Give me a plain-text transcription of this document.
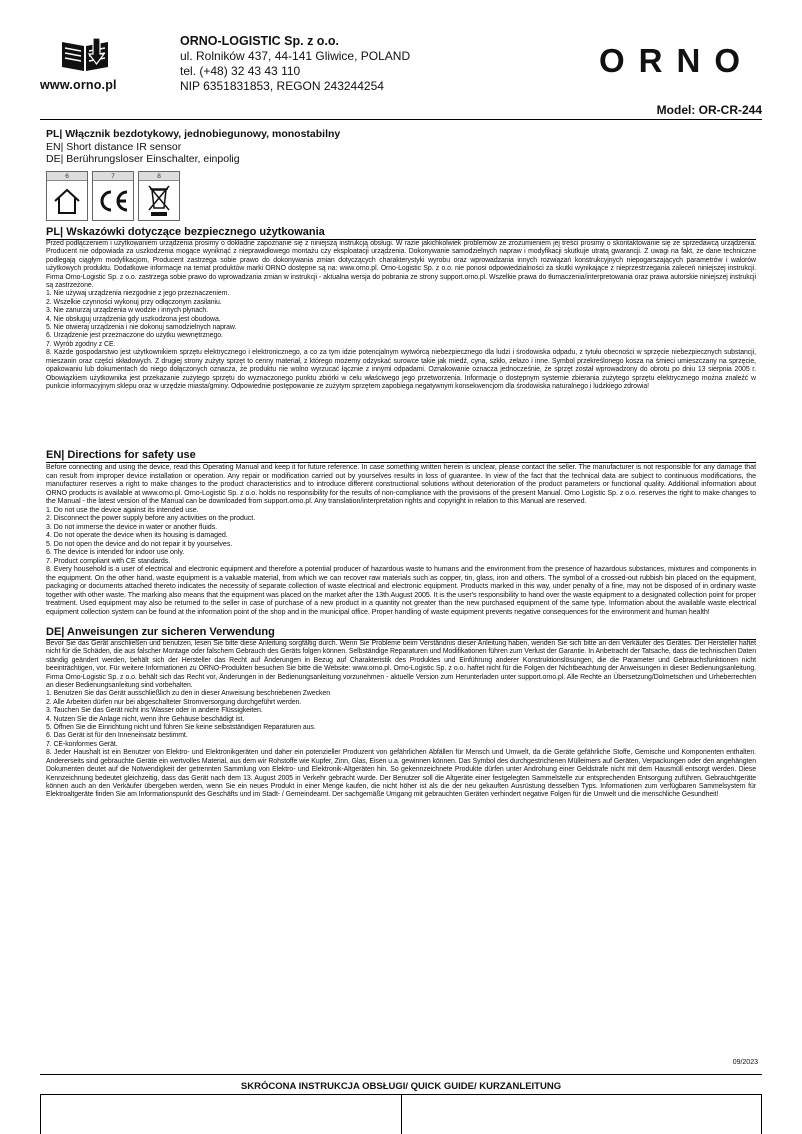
www.orno.pl
ORNO-LOGISTIC Sp. z o.o.
ul. Rolników 437, 44-141 Gliwice, POLAND
tel. (+48) 32 43 43 110
NIP 6351831853, REGON 243244254
ORNO
Model: OR-CR-244
PL| Włącznik bezdotykowy, jednobiegunowy, monostabilny
EN| Short distance IR sensor
DE| Berührungsloser Einschalter, einpolig
6	7	8
PL| Wskazówki dotyczące bezpiecznego użytkowania

Przed podłączeniem i użytkowaniem urządzenia prosimy o dokładne zapoznanie się z niniejszą instrukcją obsługi. W razie jakichkolwiek problemów ze zrozumieniem jej treści prosimy o skontaktowanie się ze sprzedawcą urządzenia. Producent nie odpowiada za uszkodzenia mogące wyniknąć z nieprawidłowego montażu czy eksploatacji urządzenia. Dokonywanie samodzielnych napraw i modyfikacji skutkuje utratą gwarancji. Z uwagi na fakt, że dane techniczne podlegają ciągłym modyfikacjom, Producent zastrzega sobie prawo do dokonywania zmian dotyczących charakterystyki wyrobu oraz wprowadzania innych rozwiązań konstrukcyjnych niepogarszających parametrów i walorów użytkowych produktu. Dodatkowe informacje na temat produktów marki ORNO dostępne są na: www.orno.pl. Orno-Logistic Sp. z o.o. nie ponosi odpowiedzialności za skutki wynikające z nieprzestrzegania zaleceń niniejszej instrukcji. Firma Orno-Logistic Sp. z o.o. zastrzega sobie prawo do wprowadzania zmian w instrukcji - aktualna wersja do pobrania ze strony support.orno.pl. Wszelkie prawa do tłumaczenia/interpretowania oraz prawa autorskie niniejszej instrukcji są zastrzeżone.

1. Nie używaj urządzenia niezgodnie z jego przeznaczeniem.

2. Wszelkie czynności wykonuj przy odłączonym zasilaniu.

3. Nie zanurzaj urządzenia w wodzie i innych płynach.

4. Nie obsługuj urządzenia gdy uszkodzona jest obudowa.

5. Nie otwieraj urządzenia i nie dokonuj samodzielnych napraw.

6. Urządzenie jest przeznaczone do użytku wewnętrznego.

7. Wyrób zgodny z CE.

8. Każde gospodarstwo jest użytkownikiem sprzętu elektrycznego i elektronicznego, a co za tym idzie potencjalnym wytwórcą niebezpiecznego dla ludzi i środowiska odpadu, z tytułu obecności w sprzęcie niebezpiecznych substancji, mieszanin oraz części składowych. Z drugiej strony zużyty sprzęt to cenny materiał, z którego możemy odzyskać surowce takie jak miedź, cyna, szkło, żelazo i inne. Symbol przekreślonego kosza na śmieci umieszczany na sprzęcie, opakowaniu lub dokumentach do niego dołączonych oznacza, że produktu nie wolno wyrzucać łącznie z innymi odpadami. Oznakowanie oznacza jednocześnie, że sprzęt został wprowadzony do obrotu po dniu 13 sierpnia 2005 r. Obowiązkiem użytkownika jest przekazanie zużytego sprzętu do wyznaczonego punktu zbiórki w celu właściwego jego przetworzenia. Informacje o dostępnym systemie zbierania zużytego sprzętu elektrycznego można znaleźć w punkcie informacyjnym sklepu oraz w urzędzie miasta/gminy. Odpowiednie postępowanie ze zużytym sprzętem zapobiega negatywnym konsekwencjom dla środowiska naturalnego i ludzkiego zdrowia!

EN| Directions for safety use

Before connecting and using the device, read this Operating Manual and keep it for future reference. In case something written herein is unclear, please contact the seller. The manufacturer is not responsible for any damage that can result from improper device installation or operation. Any repair or modification carried out by yourselves results in loss of guarantee. In view of the fact that the technical data are subject to continuous modifications, the manufacturer reserves a right to make changes to the product characteristics and to introduce different constructional solutions without deterioration of the product parameters or functional quality. Additional information about ORNO products is available at www.orno.pl. Orno-Logistic Sp. z o.o. holds no responsibility for the results of non-compliance with the provisions of the present Manual. Orno Logistic Sp. z o.o. reserves the right to make changes to the Manual - the latest version of the Manual can be downloaded from support.orno.pl. Any translation/interpretation rights and copyright in relation to this Manual are reserved.

1. Do not use the device against its intended use.

2. Disconnect the power supply before any activities on the product.

3. Do not immerse the device in water or another fluids.

4. Do not operate the device when its housing is damaged.

5. Do not open the device and do not repair it by yourselves.

6. The device is intended for indoor use only.

7. Product compliant with CE standards.

8. Every household is a user of electrical and electronic equipment and therefore a potential producer of hazardous waste to humans and the environment from the presence of hazardous substances, mixtures and components in the equipment. On the other hand, waste equipment is a valuable material, from which we can recover raw materials such as copper, tin, glass, iron and others. The symbol of a crossed-out rubbish bin placed on the equipment, packaging or documents attached thereto indicates the necessity of separate collection of waste electrical and electronic equipment. Products marked in this way, under penalty of a fine, may not be disposed of in ordinary waste together with other waste. The marking also means that the equipment was placed on the market after the 13th August 2005. It is the user's responsibility to hand over the waste equipment to a designated collection point for proper treatment. Used equipment may also be returned to the seller in case of purchase of a new product in a quantity not greater than the new purchased equipment of the same type. Information about the available waste electrical equipment collection system can be found at the information point of the shop and in the municipal office. Proper handling of waste equipment prevents negative consequences for the environment and human health!

DE| Anweisungen zur sicheren Verwendung

Bevor Sie das Gerät anschließen und benutzen, lesen Sie bitte diese Anleitung sorgfältig durch. Wenn Sie Probleme beim Verständnis dieser Anleitung haben, wenden Sie sich bitte an den Verkäufer des Gerätes. Der Hersteller haftet nicht für die Schäden, die aus falscher Montage oder falschem Gebrauch des Geräts folgen können. Selbständige Reparaturen und Modifikationen führen zum Verlust der Garantie. In Anbetracht der Tatsache, dass die technischen Daten ständig geändert werden, behält sich der Hersteller das Recht auf Änderungen in Bezug auf Charakteristik des Produktes und Einführung anderer Konstruktionslösungen, die die Parameter und Gebrauchsfunktionen nicht beeinträchtigen, vor. Für weitere Informationen zu ORNO-Produkten besuchen Sie bitte die Website: www.orno.pl. Orno-Logistic Sp. z o.o. haftet nicht für die Folgen der Nichtbeachtung der Anweisungen in dieser Bedienungsanleitung. Firma Orno-Logistic Sp. z o.o. behält sich das Recht vor, Änderungen in der Bedienungsanleitung vorzunehmen - aktuelle Version zum Herunterladen unter support.orno.pl. Alle Rechte an Übersetzung/Dolmetschen und Urheberrechten an dieser Bedienungsanleitung sind vorbehalten.

1. Benutzen Sie das Gerät ausschließlich zu den in dieser Anweisung beschriebenen Zwecken

2. Alle Arbeiten dürfen nur bei abgeschalteter Stromversorgung durchgeführt werden.

3. Tauchen Sie das Gerät nicht ins Wasser oder in andere Flüssigkeiten.

4. Nutzen Sie die Anlage nicht, wenn ihre Gehäuse beschädigt ist.

5. Öffnen Sie die Einrichtung nicht und führen Sie keine selbstständigen Reparaturen aus.

6. Das Gerät ist für den Inneneinsatz bestimmt.

7. CE-konformes Gerät.

8. Jeder Haushalt ist ein Benutzer von Elektro- und Elektronikgeräten und daher ein potenzieller Produzent von gefährlichen Abfällen für Mensch und Umwelt, da die Geräte gefährliche Stoffe, Gemische und Komponenten enthalten. Andererseits sind gebrauchte Geräte ein wertvolles Material, aus dem wir Rohstoffe wie Kupfer, Zinn, Glas, Eisen u.a. gewinnen können. Das Symbol des durchgestrichenen Mülleimers auf Geräten, Verpackungen oder den angehängten Dokumenten deutet auf die Notwendigkeit der getrennten Sammlung von Elektro- und Elektronik-Altgeräten hin. So gekennzeichnete Produkte dürfen unter Androhung einer Geldstrafe nicht mit dem Hausmüll entsorgt werden. Diese Kennzeichnung bedeutet gleichzeitig, dass das Gerät nach dem 13. August 2005 in Verkehr gebracht wurde. Der Benutzer soll die Altgeräte einer festgelegten Sammelstelle zur entsprechenden Entsorgung zuführen. Gebrauchtgeräte können auch an den Verkäufer übergeben werden, wenn Sie ein neues Produkt in einer Menge kaufen, die nicht höher ist als die der neu gekauften Ausrüstung desselben Typs. Informationen zum verfügbaren Sammelsystem für Elektroaltgeräte finden Sie am Informationspunkt des Geschäfts und im Stadt- / Gemeindeamt. Der sachgemäße Umgang mit gebrauchten Geräten verhindert negative Folgen für die Umwelt und die menschliche Gesundheit!

09/2023
SKRÓCONA INSTRUKCJA OBSŁUGI/ QUICK GUIDE/ KURZANLEITUNG
